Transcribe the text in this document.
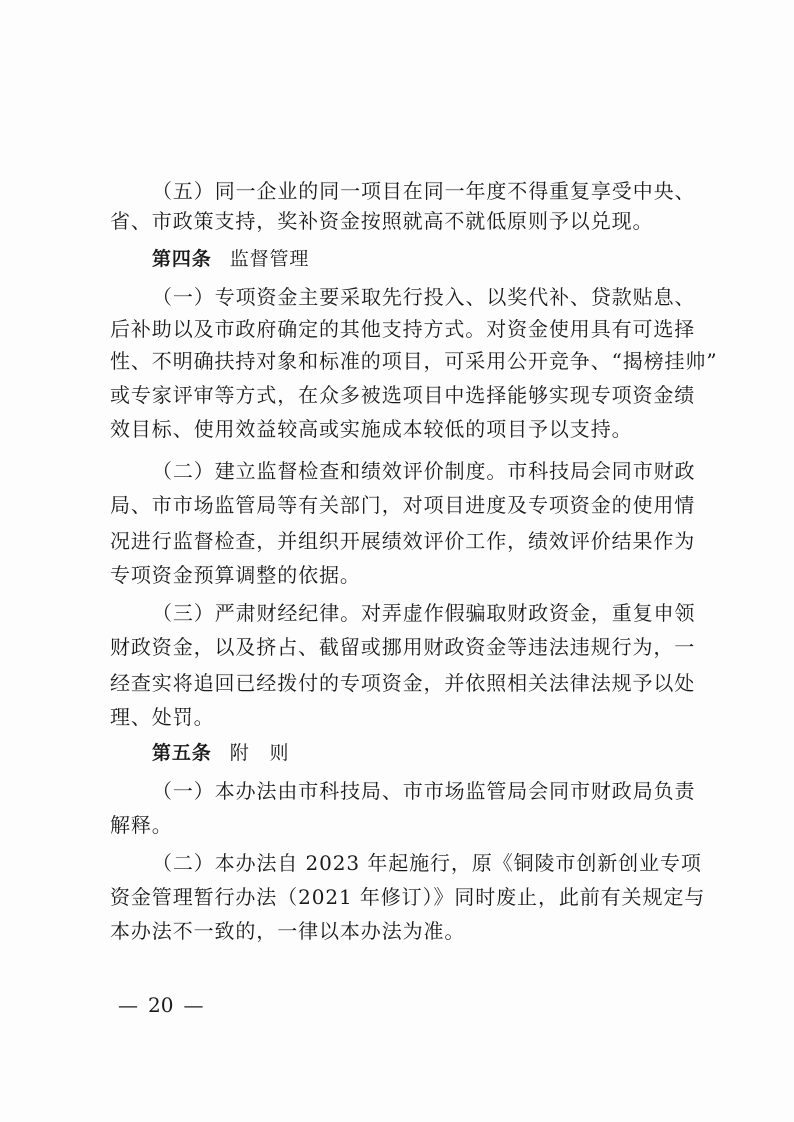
（五）同一企业的同一项目在同一年度不得重复享受中央、
省、市政策支持，奖补资金按照就高不就低原则予以兑现。
第四条 监督管理
（一）专项资金主要采取先行投入、以奖代补、贷款贴息、
后补助以及市政府确定的其他支持方式。对资金使用具有可选择
性、不明确扶持对象和标准的项目，可采用公开竞争、“揭榜挂帅”
或专家评审等方式，在众多被选项目中选择能够实现专项资金绩
效目标、使用效益较高或实施成本较低的项目予以支持。
（二）建立监督检查和绩效评价制度。市科技局会同市财政
局、市市场监管局等有关部门，对项目进度及专项资金的使用情
况进行监督检查，并组织开展绩效评价工作，绩效评价结果作为
专项资金预算调整的依据。
（三）严肃财经纪律。对弄虚作假骗取财政资金，重复申领
财政资金，以及挤占、截留或挪用财政资金等违法违规行为，一
经查实将追回已经拨付的专项资金，并依照相关法律法规予以处
理、处罚。
第五条 附　则
（一）本办法由市科技局、市市场监管局会同市财政局负责
解释。
（二）本办法自 2023 年起施行，原《铜陵市创新创业专项
资金管理暂行办法（2021 年修订）》同时废止，此前有关规定与
本办法不一致的，一律以本办法为准。
— 20 —
